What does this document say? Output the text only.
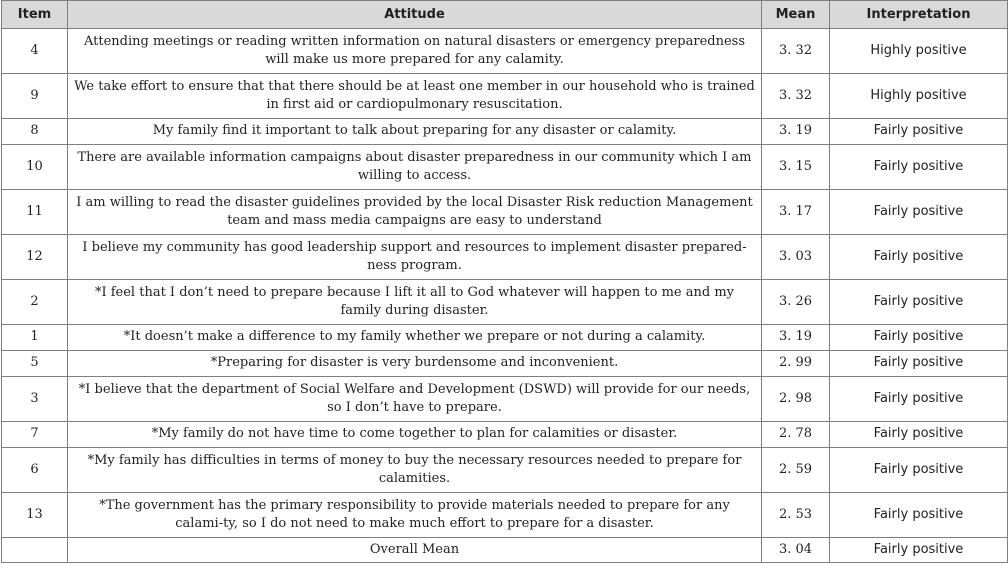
Item	Attitude	Mean	Interpretation
4	Attending meetings or reading written information on natural disasters or emergency preparedness will make us more prepared for any calamity.	3. 32	Highly positive
9	We take effort to ensure that that there should be at least one member in our household who is trained in first aid or cardiopulmonary resuscitation.	3. 32	Highly positive
8	My family find it important to talk about preparing for any disaster or calamity.	3. 19	Fairly positive
10	There are available information campaigns about disaster preparedness in our community which I am willing to access.	3. 15	Fairly positive
11	I am willing to read the disaster guidelines provided by the local Disaster Risk reduction Management team and mass media campaigns are easy to understand	3. 17	Fairly positive
12	I believe my community has good leadership support and resources to implement disaster prepared-ness program.	3. 03	Fairly positive
2	*I feel that I don’t need to prepare because I lift it all to God whatever will happen to me and my family during disaster.	3. 26	Fairly positive
1	*It doesn’t make a difference to my family whether we prepare or not during a calamity.	3. 19	Fairly positive
5	*Preparing for disaster is very burdensome and inconvenient.	2. 99	Fairly positive
3	*I believe that the department of Social Welfare and Development (DSWD) will provide for our needs, so I don’t have to prepare.	2. 98	Fairly positive
7	*My family do not have time to come together to plan for calamities or disaster.	2. 78	Fairly positive
6	*My family has difficulties in terms of money to buy the necessary resources needed to prepare for calamities.	2. 59	Fairly positive
13	*The government has the primary responsibility to provide materials needed to prepare for any calami-ty, so I do not need to make much effort to prepare for a disaster.	2. 53	Fairly positive
	Overall Mean	3. 04	Fairly positive
